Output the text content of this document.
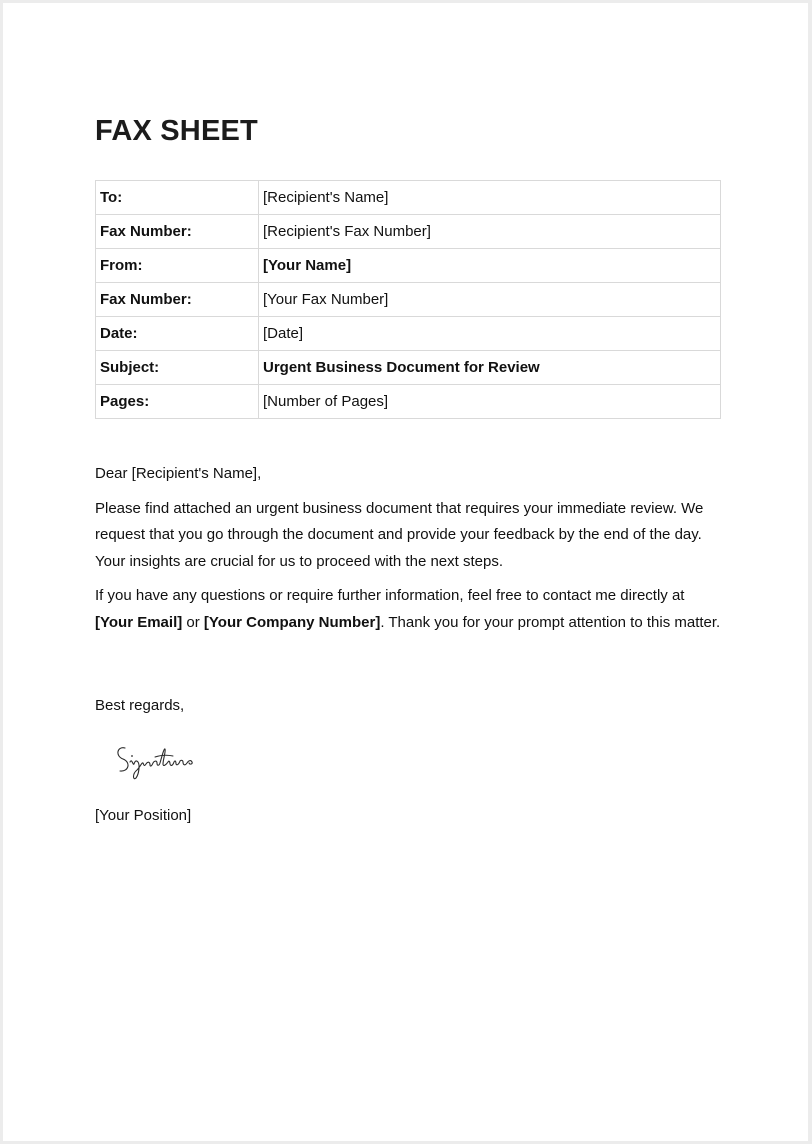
FAX SHEET
To:	[Recipient's Name]
Fax Number:	[Recipient's Fax Number]
From:	[Your Name]
Fax Number:	[Your Fax Number]
Date:	[Date]
Subject:	Urgent Business Document for Review
Pages:	[Number of Pages]

Dear [Recipient's Name],

Please find attached an urgent business document that requires your immediate review. We request that you go through the document and provide your feedback by the end of the day. Your insights are crucial for us to proceed with the next steps.

If you have any questions or require further information, feel free to contact me directly at [Your Email] or [Your Company Number]. Thank you for your prompt attention to this matter.

Best regards,
[Your Position]
